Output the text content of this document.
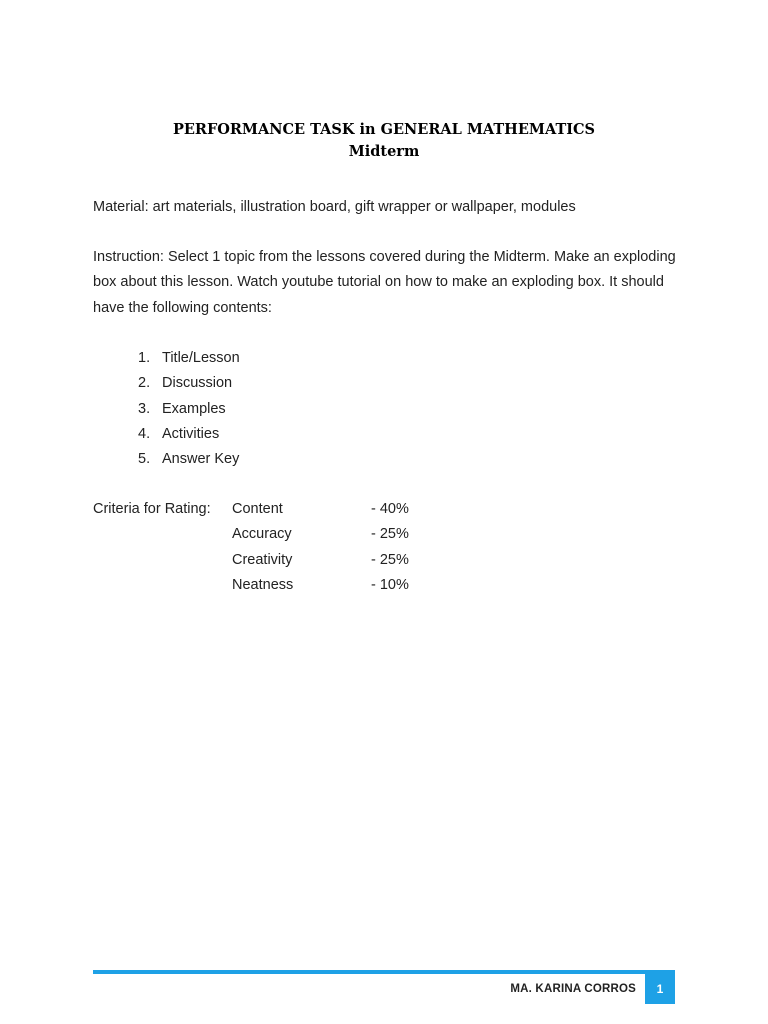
PERFORMANCE TASK in GENERAL MATHEMATICS
Midterm
Material: art materials, illustration board, gift wrapper or wallpaper, modules
Instruction: Select 1 topic from the lessons covered during the Midterm. Make an exploding box about this lesson. Watch youtube tutorial on how to make an exploding box. It should have the following contents:
1. Title/Lesson
2. Discussion
3. Examples
4. Activities
5. Answer Key
Criteria for Rating: Content	- 40%
Accuracy	- 25%
Creativity	- 25%
Neatness	- 10%
MA. KARINA CORROS 1
